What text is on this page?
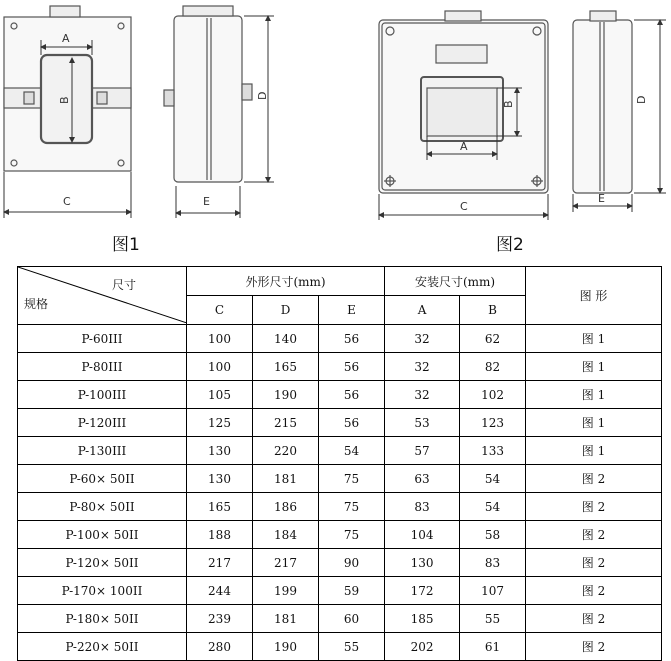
A
B
C
D
E
A
B
C
D
E
图1	图2
尺寸
规格	外形尺寸(mm)			安装尺寸(mm)		图 形
	C	D	E	A	B	
P-60III	100	140	56	32	62	图 1
P-80III	100	165	56	32	82	图 1
P-100III	105	190	56	32	102	图 1
P-120III	125	215	56	53	123	图 1
P-130III	130	220	54	57	133	图 1
P-60× 50II	130	181	75	63	54	图 2
P-80× 50II	165	186	75	83	54	图 2
P-100× 50II	188	184	75	104	58	图 2
P-120× 50II	217	217	90	130	83	图 2
P-170× 100II	244	199	59	172	107	图 2
P-180× 50II	239	181	60	185	55	图 2
P-220× 50II	280	190	55	202	61	图 2
